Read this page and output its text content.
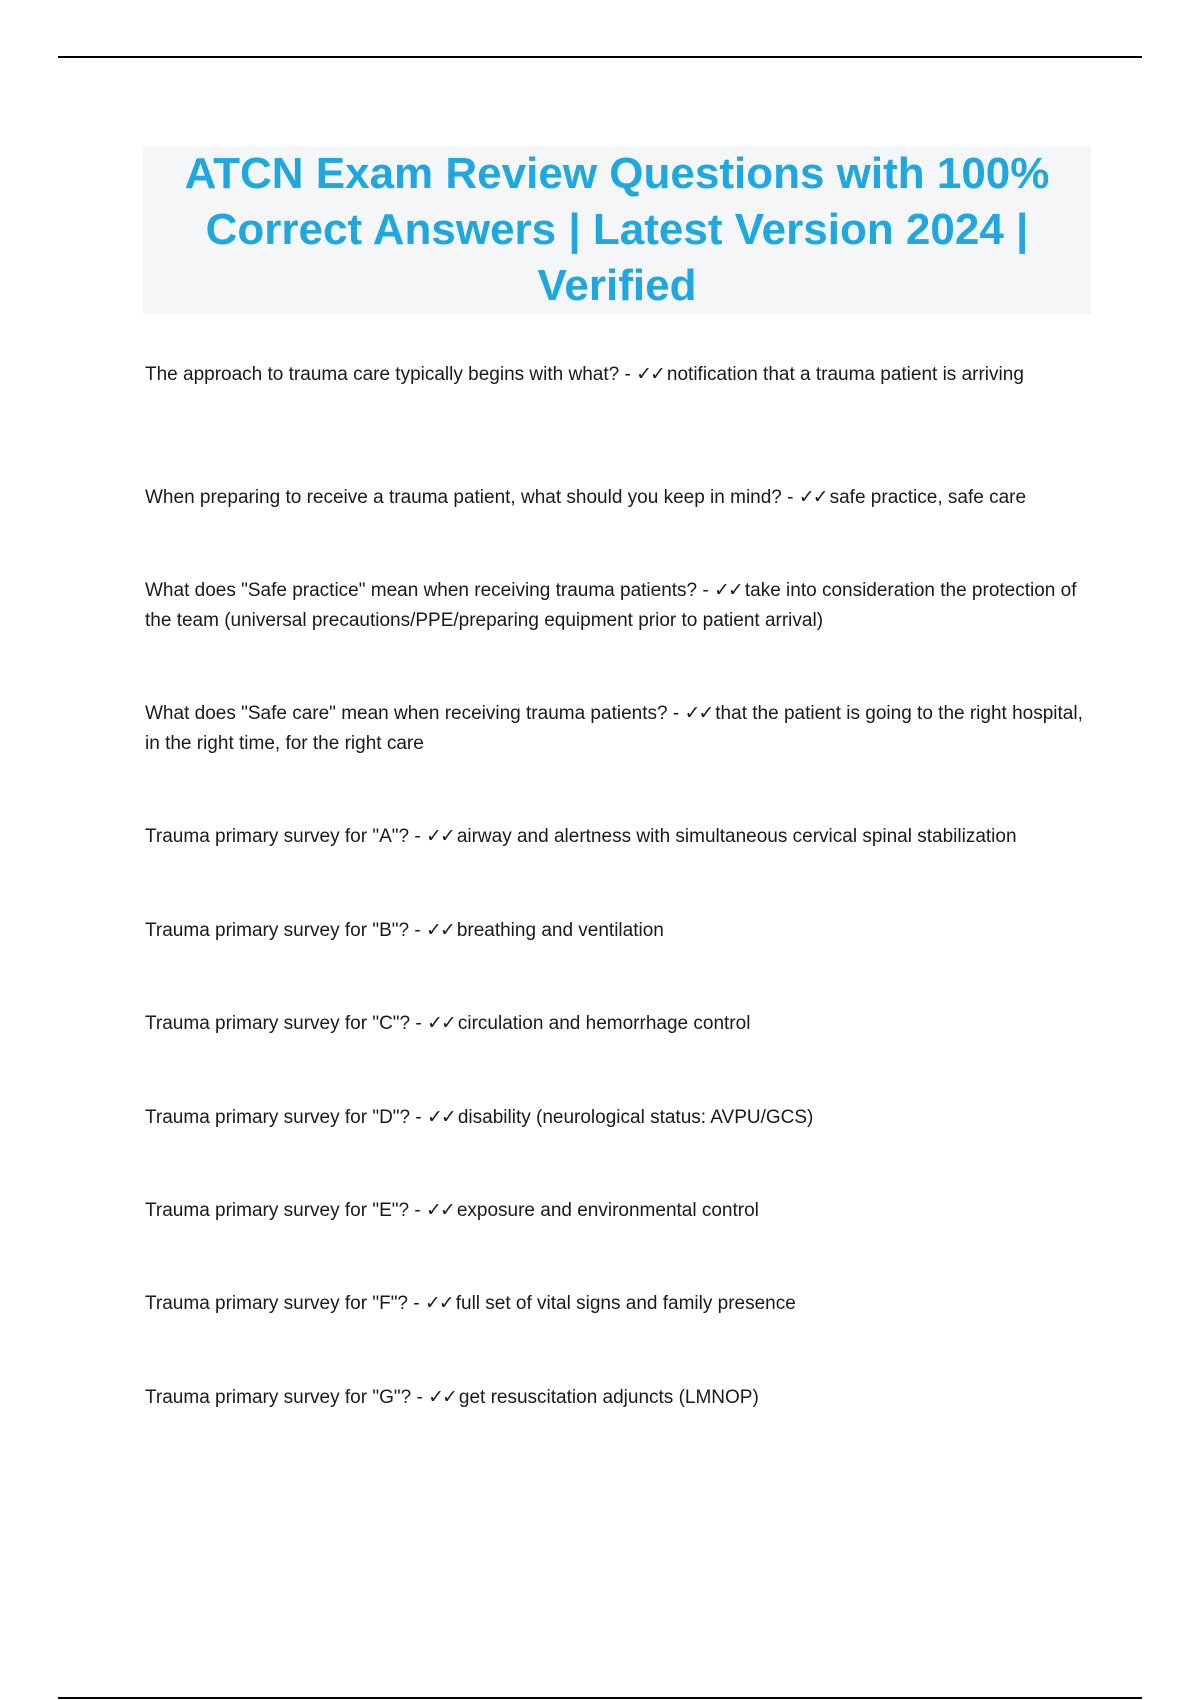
ATCN Exam Review Questions with 100% Correct Answers | Latest Version 2024 | Verified

The approach to trauma care typically begins with what? - ✓✓ notification that a trauma patient is arriving

When preparing to receive a trauma patient, what should you keep in mind? - ✓✓ safe practice, safe care

What does "Safe practice" mean when receiving trauma patients? - ✓✓ take into consideration the protection of the team (universal precautions/PPE/preparing equipment prior to patient arrival)

What does "Safe care" mean when receiving trauma patients? - ✓✓ that the patient is going to the right hospital, in the right time, for the right care

Trauma primary survey for "A"? - ✓✓ airway and alertness with simultaneous cervical spinal stabilization

Trauma primary survey for "B"? - ✓✓ breathing and ventilation

Trauma primary survey for "C"? - ✓✓ circulation and hemorrhage control

Trauma primary survey for "D"? - ✓✓ disability (neurological status: AVPU/GCS)

Trauma primary survey for "E"? - ✓✓ exposure and environmental control

Trauma primary survey for "F"? - ✓✓ full set of vital signs and family presence

Trauma primary survey for "G"? - ✓✓ get resuscitation adjuncts (LMNOP)
